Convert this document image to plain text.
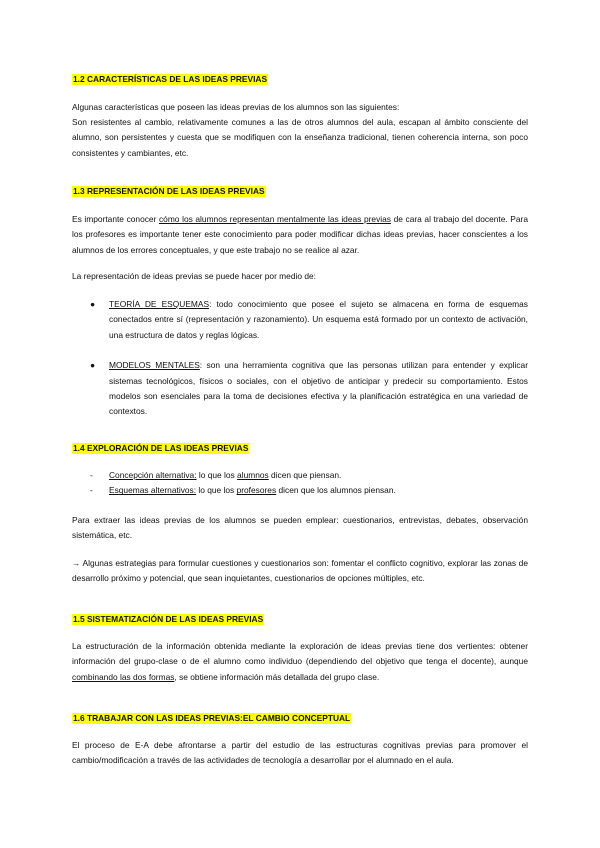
1.2 CARACTERÍSTICAS DE LAS IDEAS PREVIAS
Algunas características que poseen las ideas previas de los alumnos son las siguientes:
Son resistentes al cambio, relativamente comunes a las de otros alumnos del aula, escapan al ámbito consciente del alumno, son persistentes y cuesta que se modifiquen con la enseñanza tradicional, tienen coherencia interna, son poco consistentes y cambiantes, etc.
1.3 REPRESENTACIÓN DE LAS IDEAS PREVIAS
Es importante conocer cómo los alumnos representan mentalmente las ideas previas de cara al trabajo del docente. Para los profesores es importante tener este conocimiento para poder modificar dichas ideas previas, hacer conscientes a los alumnos de los errores conceptuales, y que este trabajo no se realice al azar.
La representación de ideas previas se puede hacer por medio de:
● TEORÍA DE ESQUEMAS: todo conocimiento que posee el sujeto se almacena en forma de esquemas conectados entre sí (representación y razonamiento). Un esquema está formado por un contexto de activación, una estructura de datos y reglas lógicas.
● MODELOS MENTALES: son una herramienta cognitiva que las personas utilizan para entender y explicar sistemas tecnológicos, físicos o sociales, con el objetivo de anticipar y predecir su comportamiento. Estos modelos son esenciales para la toma de decisiones efectiva y la planificación estratégica en una variedad de contextos.
1.4 EXPLORACIÓN DE LAS IDEAS PREVIAS
- Concepción alternativa: lo que los alumnos dicen que piensan.
- Esquemas alternativos: lo que los profesores dicen que los alumnos piensan.
Para extraer las ideas previas de los alumnos se pueden emplear: cuestionarios, entrevistas, debates, observación sistemática, etc.
→ Algunas estrategias para formular cuestiones y cuestionarios son: fomentar el conflicto cognitivo, explorar las zonas de desarrollo próximo y potencial, que sean inquietantes, cuestionarios de opciones múltiples, etc.
1.5 SISTEMATIZACIÓN DE LAS IDEAS PREVIAS
La estructuración de la información obtenida mediante la exploración de ideas previas tiene dos vertientes: obtener información del grupo-clase o de el alumno como individuo (dependiendo del objetivo que tenga el docente), aunque combinando las dos formas, se obtiene información más detallada del grupo clase.
1.6 TRABAJAR CON LAS IDEAS PREVIAS:EL CAMBIO CONCEPTUAL
El proceso de E-A debe afrontarse a partir del estudio de las estructuras cognitivas previas para promover el cambio/modificación a través de las actividades de tecnología a desarrollar por el alumnado en el aula.
